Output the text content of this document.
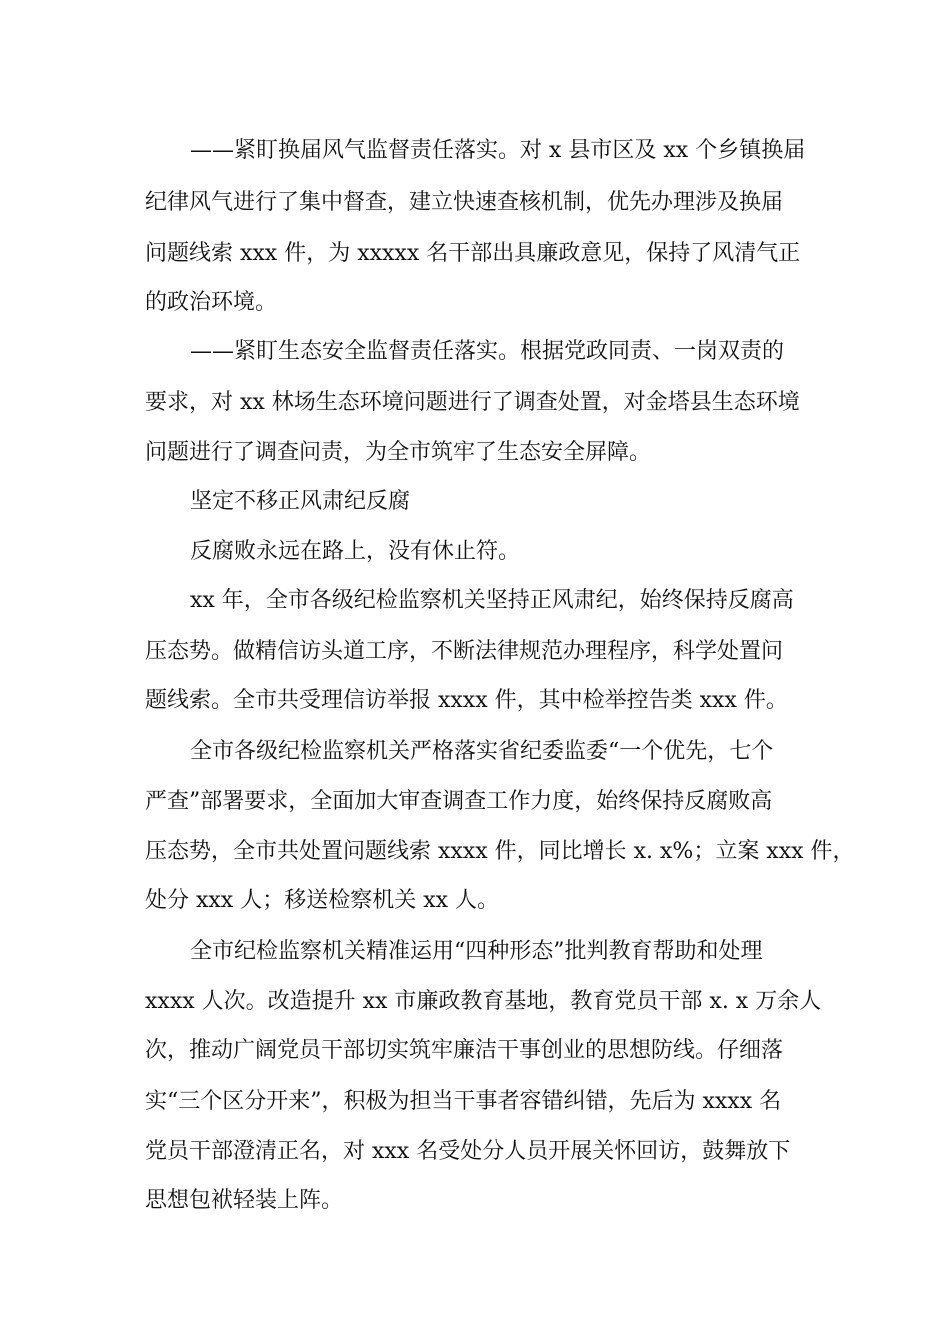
——紧盯换届风气监督责任落实。对 x 县市区及 xx 个乡镇换届
纪律风气进行了集中督查，建立快速查核机制，优先办理涉及换届
问题线索 xxx 件，为 xxxxx 名干部出具廉政意见，保持了风清气正
的政治环境。
——紧盯生态安全监督责任落实。根据党政同责、一岗双责的
要求，对 xx 林场生态环境问题进行了调查处置，对金塔县生态环境
问题进行了调查问责，为全市筑牢了生态安全屏障。
坚定不移正风肃纪反腐
反腐败永远在路上，没有休止符。
xx 年，全市各级纪检监察机关坚持正风肃纪，始终保持反腐高
压态势。做精信访头道工序，不断法律规范办理程序，科学处置问
题线索。全市共受理信访举报 xxxx 件，其中检举控告类 xxx 件。
全市各级纪检监察机关严格落实省纪委监委“一个优先，七个
严查”部署要求，全面加大审查调查工作力度，始终保持反腐败高
压态势，全市共处置问题线索 xxxx 件，同比增长 x. x%；立案 xxx 件，
处分 xxx 人；移送检察机关 xx 人。
全市纪检监察机关精准运用“四种形态”批判教育帮助和处理
xxxx 人次。改造提升 xx 市廉政教育基地，教育党员干部 x. x 万余人
次，推动广阔党员干部切实筑牢廉洁干事创业的思想防线。仔细落
实“三个区分开来”，积极为担当干事者容错纠错，先后为 xxxx 名
党员干部澄清正名，对 xxx 名受处分人员开展关怀回访，鼓舞放下
思想包袱轻装上阵。
